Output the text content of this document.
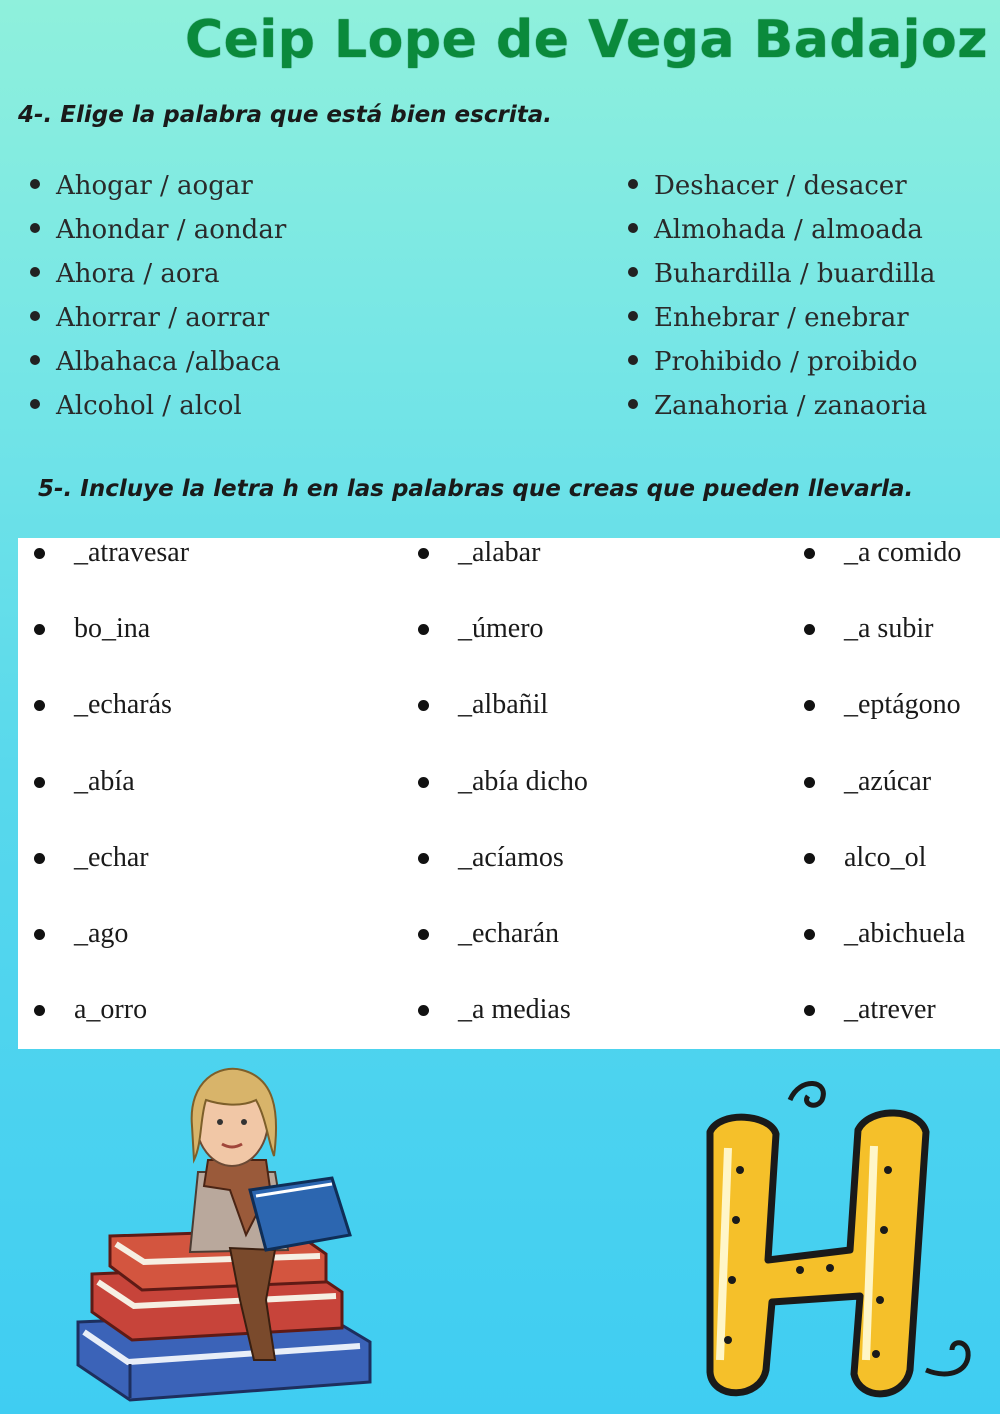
Ceip Lope de Vega Badajoz
4-. Elige la palabra que está bien escrita.
Ahogar / aogar
Ahondar / aondar
Ahora / aora
Ahorrar / aorrar
Albahaca /albaca
Alcohol / alcol
Deshacer / desacer
Almohada / almoada
Buhardilla / buardilla
Enhebrar / enebrar
Prohibido / proibido
Zanahoria / zanaoria
5-. Incluye la letra h en las palabras que creas que pueden llevarla.
_atravesar
bo_ina
_echarás
_abía
_echar
_ago
a_orro
_alabar
_úmero
_albañil
_abía dicho
_acíamos
_echarán
_a medias
_a comido
_a subir
_eptágono
_azúcar
alco_ol
_abichuela
_atrever
